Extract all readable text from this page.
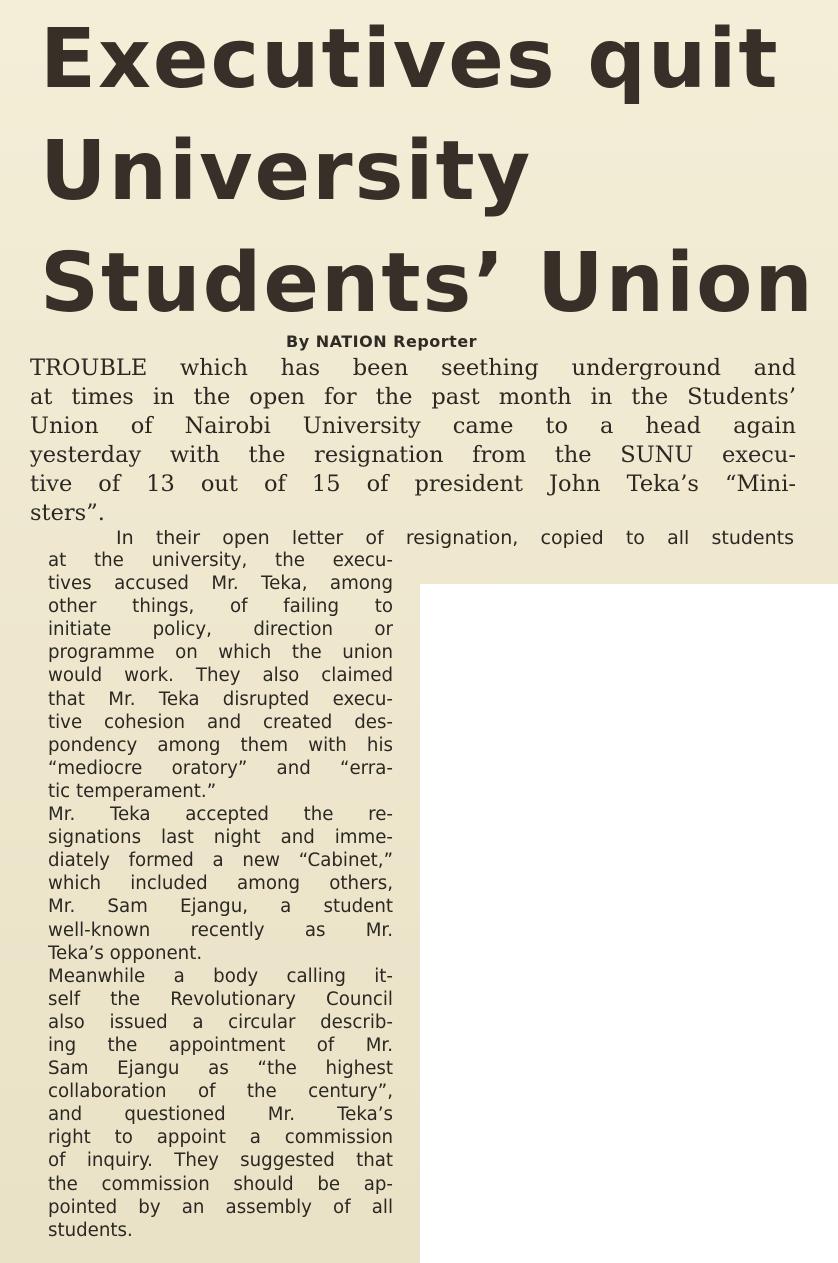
Executives quit
University
Students’ Union
By NATION Reporter
TROUBLE which has been seething underground and
at times in the open for the past month in the Students’
Union of Nairobi University came to a head again
yesterday with the resignation from the SUNU execu-
tive of 13 out of 15 of president John Teka’s “Mini-
sters”.
In their open letter of resignation, copied to all students
at the university, the execu-
tives accused Mr. Teka, among
other things, of failing to
initiate policy, direction or
programme on which the union
would work. They also claimed
that Mr. Teka disrupted execu-
tive cohesion and created des-
pondency among them with his
“mediocre oratory” and “erra-
tic temperament.”
Mr. Teka accepted the re-
signations last night and imme-
diately formed a new “Cabinet,”
which included among others,
Mr. Sam Ejangu, a student
well-known recently as Mr.
Teka’s opponent.
Meanwhile a body calling it-
self the Revolutionary Council
also issued a circular describ-
ing the appointment of Mr.
Sam Ejangu as “the highest
collaboration of the century”,
and questioned Mr. Teka’s
right to appoint a commission
of inquiry. They suggested that
the commission should be ap-
pointed by an assembly of all
students.
